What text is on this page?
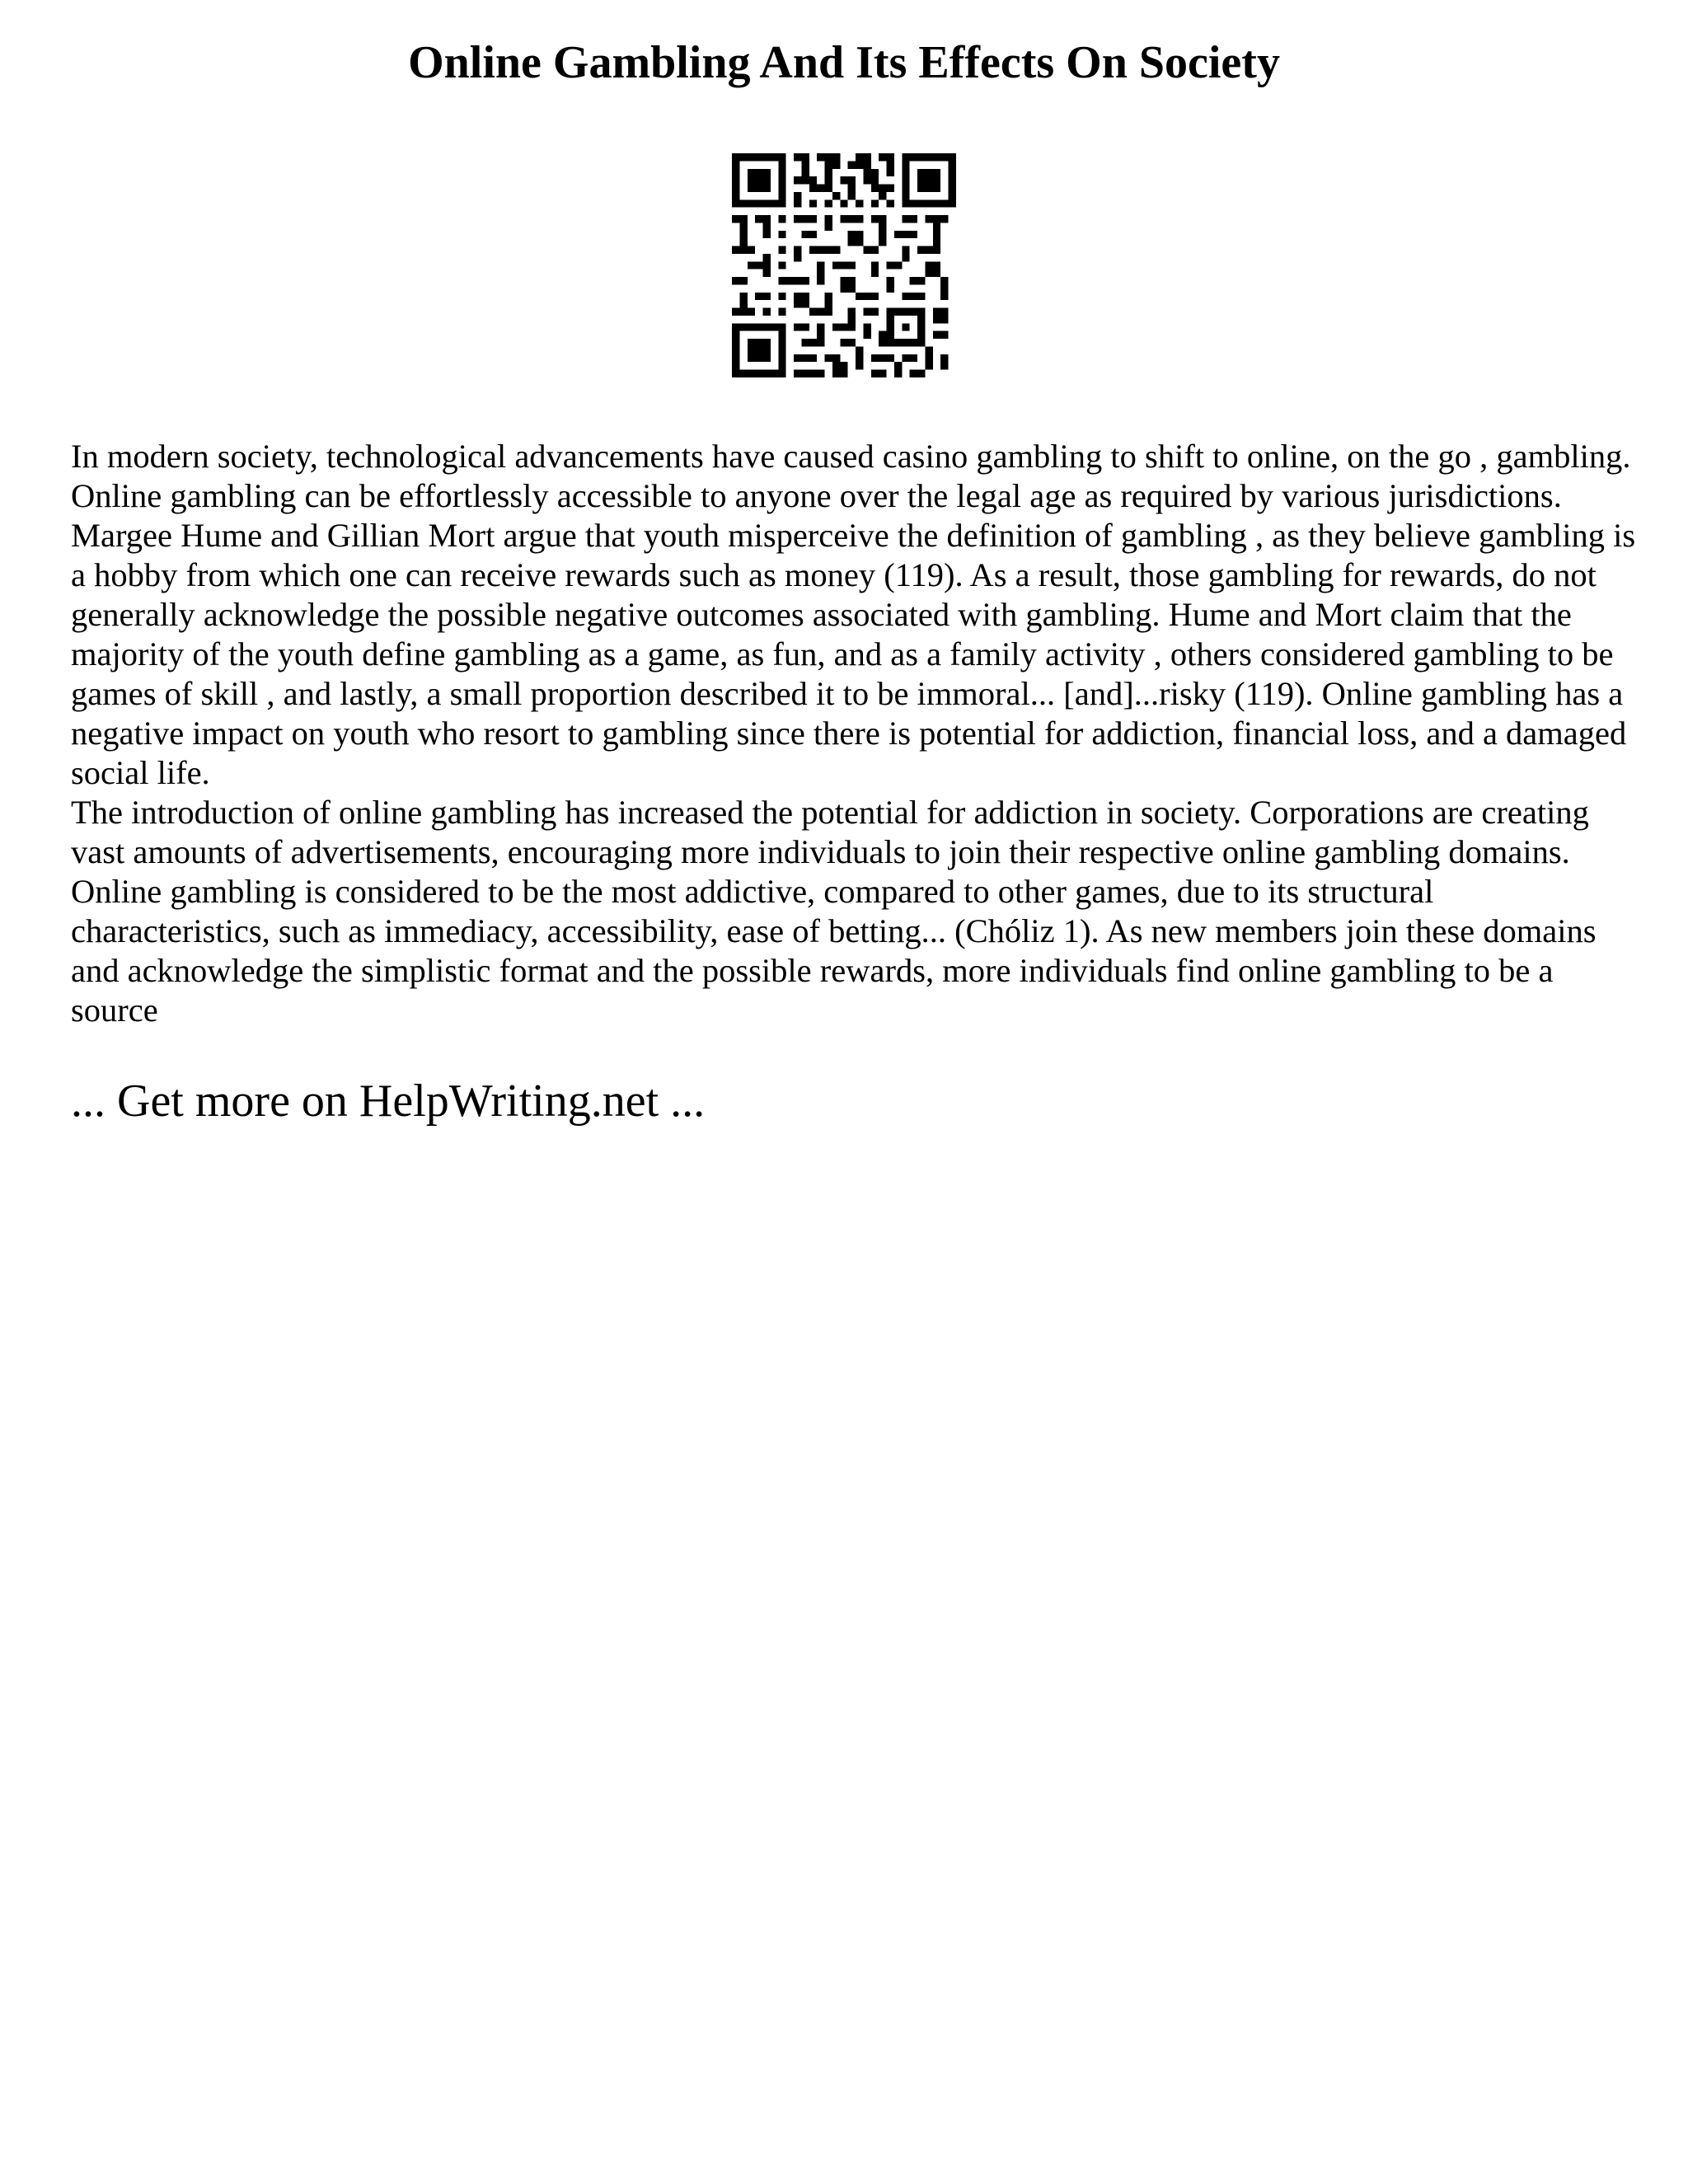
Online Gambling And Its Effects On Society

In modern society, technological advancements have caused casino gambling to shift to online, on the go , gambling. Online gambling can be effortlessly accessible to anyone over the legal age as required by various jurisdictions. Margee Hume and Gillian Mort argue that youth misperceive the definition of gambling , as they believe gambling is a hobby from which one can receive rewards such as money (119). As a result, those gambling for rewards, do not generally acknowledge the possible negative outcomes associated with gambling. Hume and Mort claim that the majority of the youth define gambling as a game, as fun, and as a family activity , others considered gambling to be games of skill , and lastly, a small proportion described it to be immoral... [and]...risky (119). Online gambling has a negative impact on youth who resort to gambling since there is potential for addiction, financial loss, and a damaged social life.

The introduction of online gambling has increased the potential for addiction in society. Corporations are creating vast amounts of advertisements, encouraging more individuals to join their respective online gambling domains. Online gambling is considered to be the most addictive, compared to other games, due to its structural characteristics, such as immediacy, accessibility, ease of betting... (Chóliz 1). As new members join these domains and acknowledge the simplistic format and the possible rewards, more individuals find online gambling to be a source

... Get more on HelpWriting.net ...
